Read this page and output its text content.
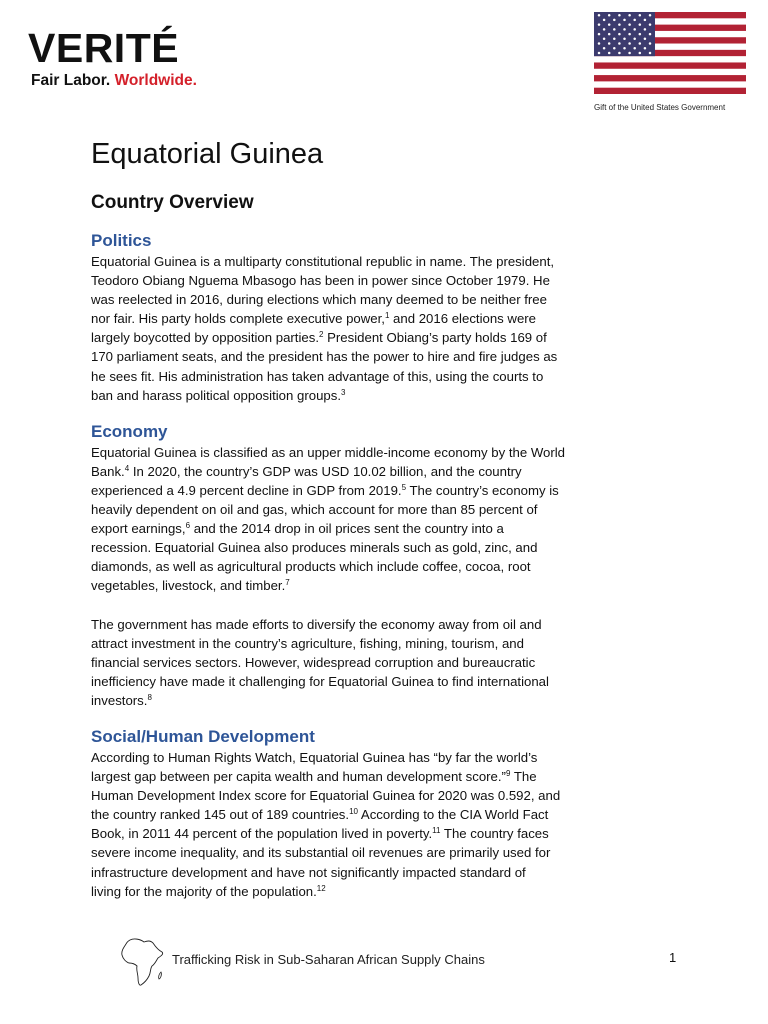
VERITÉ
Fair Labor. Worldwide.
Gift of the United States Government
Equatorial Guinea
Country Overview
Politics

Equatorial Guinea is a multiparty constitutional republic in name. The president,
Teodoro Obiang Nguema Mbasogo has been in power since October 1979. He
was reelected in 2016, during elections which many deemed to be neither free
nor fair. His party holds complete executive power,$^1$ and 2016 elections were
largely boycotted by opposition parties.$^2$ President Obiang’s party holds 169 of
170 parliament seats, and the president has the power to hire and fire judges as
he sees fit. His administration has taken advantage of this, using the courts to
ban and harass political opposition groups.$^3$

Economy

Equatorial Guinea is classified as an upper middle-income economy by the World
Bank.$^4$ In 2020, the country’s GDP was USD 10.02 billion, and the country
experienced a 4.9 percent decline in GDP from 2019.$^5$ The country’s economy is
heavily dependent on oil and gas, which account for more than 85 percent of
export earnings,$^6$ and the 2014 drop in oil prices sent the country into a
recession. Equatorial Guinea also produces minerals such as gold, zinc, and
diamonds, as well as agricultural products which include coffee, cocoa, root
vegetables, livestock, and timber.$^7$

The government has made efforts to diversify the economy away from oil and
attract investment in the country’s agriculture, fishing, mining, tourism, and
financial services sectors. However, widespread corruption and bureaucratic
inefficiency have made it challenging for Equatorial Guinea to find international
investors.$^8$

Social/Human Development

According to Human Rights Watch, Equatorial Guinea has “by far the world’s
largest gap between per capita wealth and human development score.”$^9$ The
Human Development Index score for Equatorial Guinea for 2020 was 0.592, and
the country ranked 145 out of 189 countries.$^{10}$ According to the CIA World Fact
Book, in 2011 44 percent of the population lived in poverty.$^{11}$ The country faces
severe income inequality, and its substantial oil revenues are primarily used for
infrastructure development and have not significantly impacted standard of
living for the majority of the population.$^{12}$

Trafficking Risk in Sub-Saharan African Supply Chains	1
